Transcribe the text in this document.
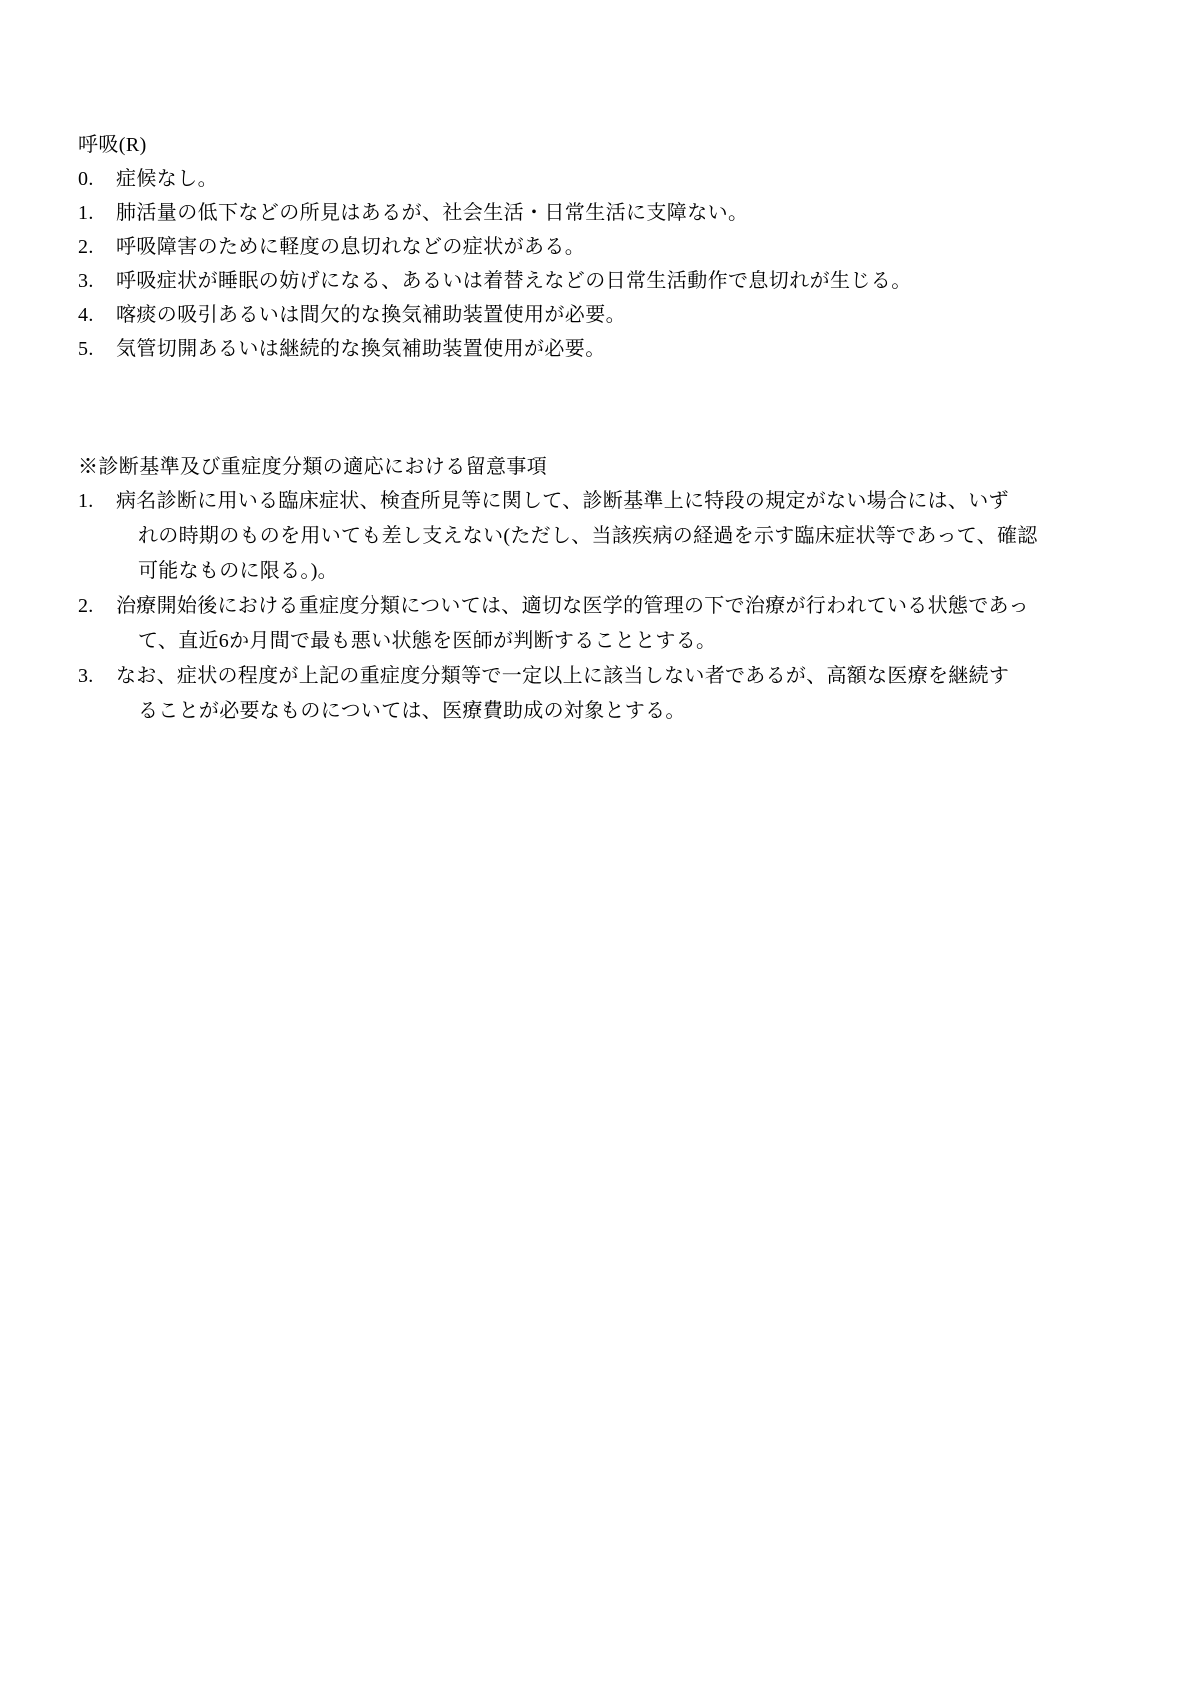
呼吸(R)
0.	症候なし。
1.	肺活量の低下などの所見はあるが、社会生活・日常生活に支障ない。
2.	呼吸障害のために軽度の息切れなどの症状がある。
3.	呼吸症状が睡眠の妨げになる、あるいは着替えなどの日常生活動作で息切れが生じる。
4.	喀痰の吸引あるいは間欠的な換気補助装置使用が必要。
5.	気管切開あるいは継続的な換気補助装置使用が必要。
※診断基準及び重症度分類の適応における留意事項
1.	病名診断に用いる臨床症状、検査所見等に関して、診断基準上に特段の規定がない場合には、いず
れの時期のものを用いても差し支えない(ただし、当該疾病の経過を示す臨床症状等であって、確認
可能なものに限る。)。
2.	治療開始後における重症度分類については、適切な医学的管理の下で治療が行われている状態であっ
て、直近6か月間で最も悪い状態を医師が判断することとする。
3.	なお、症状の程度が上記の重症度分類等で一定以上に該当しない者であるが、高額な医療を継続す
ることが必要なものについては、医療費助成の対象とする。
